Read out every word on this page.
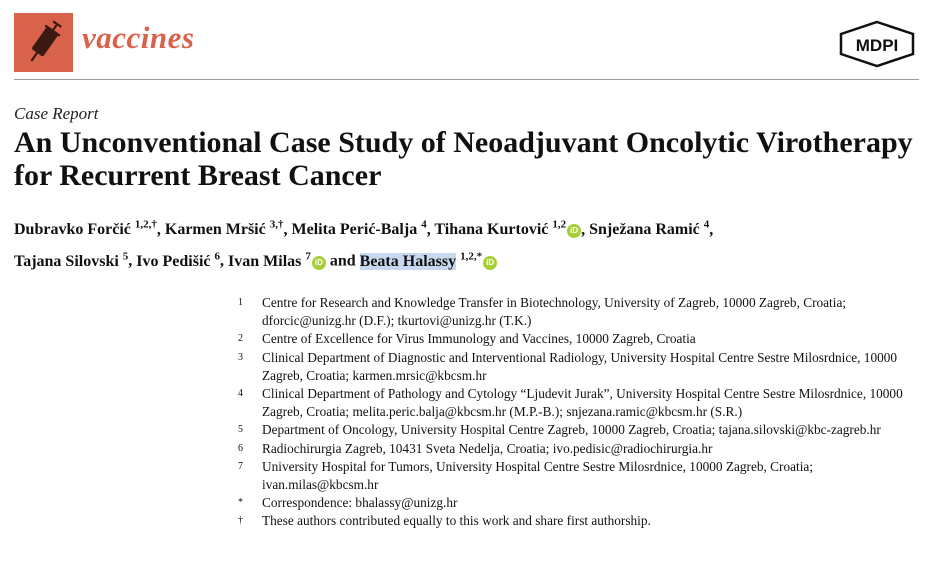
vaccines	MDPI
Case Report
An Unconventional Case Study of Neoadjuvant Oncolytic Virotherapy for Recurrent Breast Cancer
Dubravko Forčić $^{1,2,\dagger}$, Karmen Mršić $^{3,\dagger}$, Melita Perić-Balja $^4$, Tihana Kurtović $^{1,2}$ iD , Snježana Ramić $^4$,
Tajana Silovski $^5$, Ivo Pedišić $^6$, Ivan Milas $^7$ iD and Beata Halassy $^{1,2,*}$ iD
1	Centre for Research and Knowledge Transfer in Biotechnology, University of Zagreb, 10000 Zagreb, Croatia; dforcic@unizg.hr (D.F.); tkurtovi@unizg.hr (T.K.)
2	Centre of Excellence for Virus Immunology and Vaccines, 10000 Zagreb, Croatia
3	Clinical Department of Diagnostic and Interventional Radiology, University Hospital Centre Sestre Milosrdnice, 10000 Zagreb, Croatia; karmen.mrsic@kbcsm.hr
4	Clinical Department of Pathology and Cytology “Ljudevit Jurak”, University Hospital Centre Sestre Milosrdnice, 10000 Zagreb, Croatia; melita.peric.balja@kbcsm.hr (M.P.-B.); snjezana.ramic@kbcsm.hr (S.R.)
5	Department of Oncology, University Hospital Centre Zagreb, 10000 Zagreb, Croatia; tajana.silovski@kbc-zagreb.hr
6	Radiochirurgia Zagreb, 10431 Sveta Nedelja, Croatia; ivo.pedisic@radiochirurgia.hr
7	University Hospital for Tumors, University Hospital Centre Sestre Milosrdnice, 10000 Zagreb, Croatia; ivan.milas@kbcsm.hr
*	Correspondence: bhalassy@unizg.hr
†	These authors contributed equally to this work and share first authorship.
